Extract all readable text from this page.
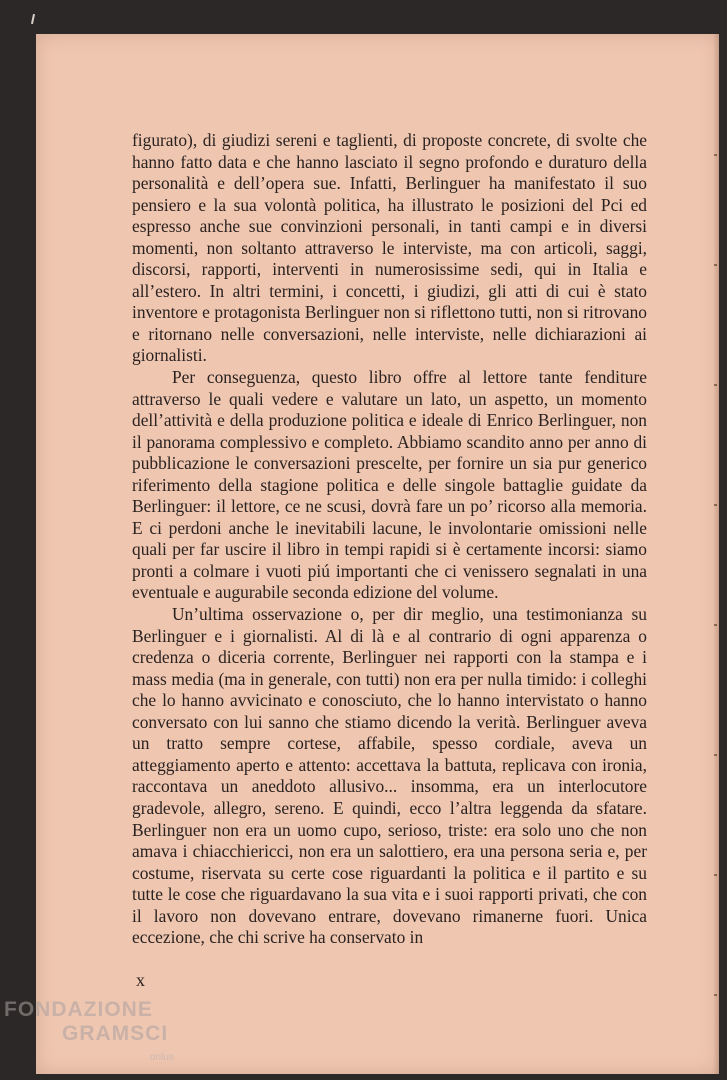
figurato), di giudizi sereni e taglienti, di proposte concrete, di svolte che hanno fatto data e che hanno lasciato il segno profondo e duraturo della personalità e dell’opera sue. Infatti, Berlinguer ha manifestato il suo pensiero e la sua volontà politica, ha illustrato le posizioni del Pci ed espresso anche sue convinzioni personali, in tanti campi e in diversi momenti, non soltanto attraverso le interviste, ma con articoli, saggi, discorsi, rapporti, interventi in numerosissime sedi, qui in Italia e all’estero. In altri termini, i concetti, i giudizi, gli atti di cui è stato inventore e protagonista Berlinguer non si riflettono tutti, non si ritrovano e ritornano nelle conversazioni, nelle interviste, nelle dichiarazioni ai giornalisti.

Per conseguenza, questo libro offre al lettore tante fenditure attraverso le quali vedere e valutare un lato, un aspetto, un momento dell’attività e della produzione politica e ideale di Enrico Berlinguer, non il panorama complessivo e completo. Abbiamo scandito anno per anno di pubblicazione le conversazioni prescelte, per fornire un sia pur generico riferimento della stagione politica e delle singole battaglie guidate da Berlinguer: il lettore, ce ne scusi, dovrà fare un po’ ricorso alla memoria. E ci perdoni anche le inevitabili lacune, le involontarie omissioni nelle quali per far uscire il libro in tempi rapidi si è certamente incorsi: siamo pronti a colmare i vuoti piú importanti che ci venissero segnalati in una eventuale e augurabile seconda edizione del volume.

Un’ultima osservazione o, per dir meglio, una testimonianza su Berlinguer e i giornalisti. Al di là e al contrario di ogni apparenza o credenza o diceria corrente, Berlinguer nei rapporti con la stampa e i mass media (ma in generale, con tutti) non era per nulla timido: i colleghi che lo hanno avvicinato e conosciuto, che lo hanno intervistato o hanno conversato con lui sanno che stiamo dicendo la verità. Berlinguer aveva un tratto sempre cortese, affabile, spesso cordiale, aveva un atteggiamento aperto e attento: accettava la battuta, replicava con ironia, raccontava un aneddoto allusivo... insomma, era un interlocutore gradevole, allegro, sereno. E quindi, ecco l’altra leggenda da sfatare. Berlinguer non era un uomo cupo, serioso, triste: era solo uno che non amava i chiacchiericci, non era un salottiero, era una persona seria e, per costume, riservata su certe cose riguardanti la politica e il partito e su tutte le cose che riguardavano la sua vita e i suoi rapporti privati, che con il lavoro non dovevano entrare, dovevano rimanerne fuori. Unica eccezione, che chi scrive ha conservato in

x
FONDAZIONE
GRAMSCI
onlus
